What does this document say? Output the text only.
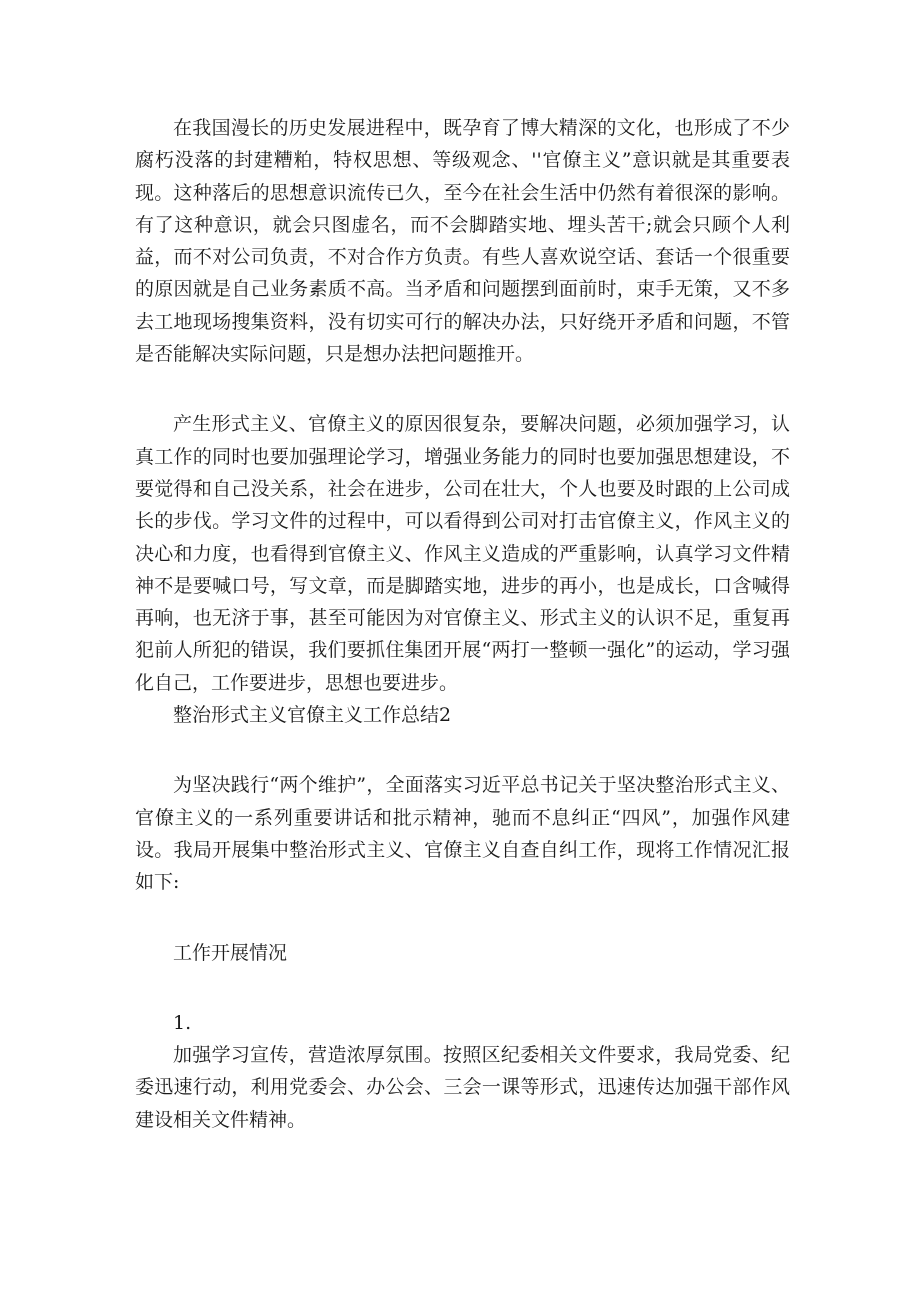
在我国漫长的历史发展进程中，既孕育了博大精深的文化，也形成了不少腐朽没落的封建糟粕，特权思想、等级观念、''官僚主义”意识就是其重要表现。这种落后的思想意识流传已久，至今在社会生活中仍然有着很深的影响。有了这种意识，就会只图虚名，而不会脚踏实地、埋头苦干;就会只顾个人利益，而不对公司负责，不对合作方负责。有些人喜欢说空话、套话一个很重要的原因就是自己业务素质不高。当矛盾和问题摆到面前时，束手无策，又不多去工地现场搜集资料，没有切实可行的解决办法，只好绕开矛盾和问题，不管是否能解决实际问题，只是想办法把问题推开。

产生形式主义、官僚主义的原因很复杂，要解决问题，必须加强学习，认真工作的同时也要加强理论学习，增强业务能力的同时也要加强思想建设，不要觉得和自己没关系，社会在进步，公司在壮大，个人也要及时跟的上公司成长的步伐。学习文件的过程中，可以看得到公司对打击官僚主义，作风主义的决心和力度，也看得到官僚主义、作风主义造成的严重影响，认真学习文件精神不是要喊口号，写文章，而是脚踏实地，进步的再小，也是成长，口含喊得再响，也无济于事，甚至可能因为对官僚主义、形式主义的认识不足，重复再犯前人所犯的错误，我们要抓住集团开展“两打一整顿一强化”的运动，学习强化自己，工作要进步，思想也要进步。

整治形式主义官僚主义工作总结2

为坚决践行“两个维护”，全面落实习近平总书记关于坚决整治形式主义、官僚主义的一系列重要讲话和批示精神，驰而不息纠正“四风”，加强作风建设。我局开展集中整治形式主义、官僚主义自查自纠工作，现将工作情况汇报如下:

工作开展情况

1.

加强学习宣传，营造浓厚氛围。按照区纪委相关文件要求，我局党委、纪委迅速行动，利用党委会、办公会、三会一课等形式，迅速传达加强干部作风建设相关文件精神。
